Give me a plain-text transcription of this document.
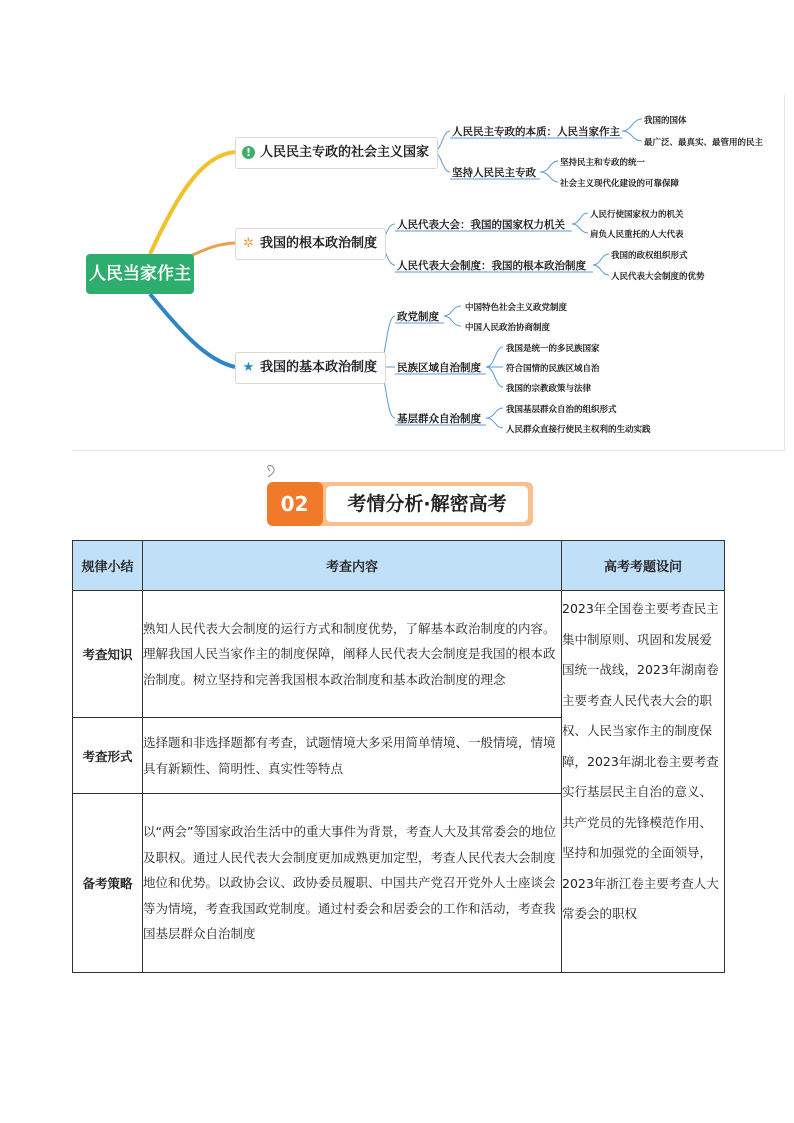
人民当家作主
! 人民民主专政的社会主义国家
人民民主专政的本质：人民当家作主
我国的国体
最广泛、最真实、最管用的民主
坚持人民民主专政
坚持民主和专政的统一
社会主义现代化建设的可靠保障
✲ 我国的根本政治制度
人民代表大会：我国的国家权力机关
人民行使国家权力的机关
肩负人民重托的人大代表
人民代表大会制度：我国的根本政治制度
我国的政权组织形式
人民代表大会制度的优势
★ 我国的基本政治制度
政党制度
中国特色社会主义政党制度
中国人民政治协商制度
民族区域自治制度
我国是统一的多民族国家
符合国情的民族区域自治
我国的宗教政策与法律
基层群众自治制度
我国基层群众自治的组织形式
人民群众直接行使民主权利的生动实践
02	考情分析·解密高考
规律小结	考查内容	高考考题设问
考查知识	熟知人民代表大会制度的运行方式和制度优势，了解基本政治制度的内容。理解我国人民当家作主的制度保障，阐释人民代表大会制度是我国的根本政治制度。树立坚持和完善我国根本政治制度和基本政治制度的理念	2023年全国卷主要考查民主集中制原则、巩固和发展爱国统一战线，2023年湖南卷主要考查人民代表大会的职权、人民当家作主的制度保障，2023年湖北卷主要考查实行基层民主自治的意义、共产党员的先锋模范作用、坚持和加强党的全面领导，2023年浙江卷主要考查人大常委会的职权
考查形式	选择题和非选择题都有考查，试题情境大多采用简单情境、一般情境，情境具有新颖性、简明性、真实性等特点	
备考策略	以“两会”等国家政治生活中的重大事件为背景，考查人大及其常委会的地位及职权。通过人民代表大会制度更加成熟更加定型，考查人民代表大会制度地位和优势。以政协会议、政协委员履职、中国共产党召开党外人士座谈会等为情境，考查我国政党制度。通过村委会和居委会的工作和活动，考查我国基层群众自治制度	
